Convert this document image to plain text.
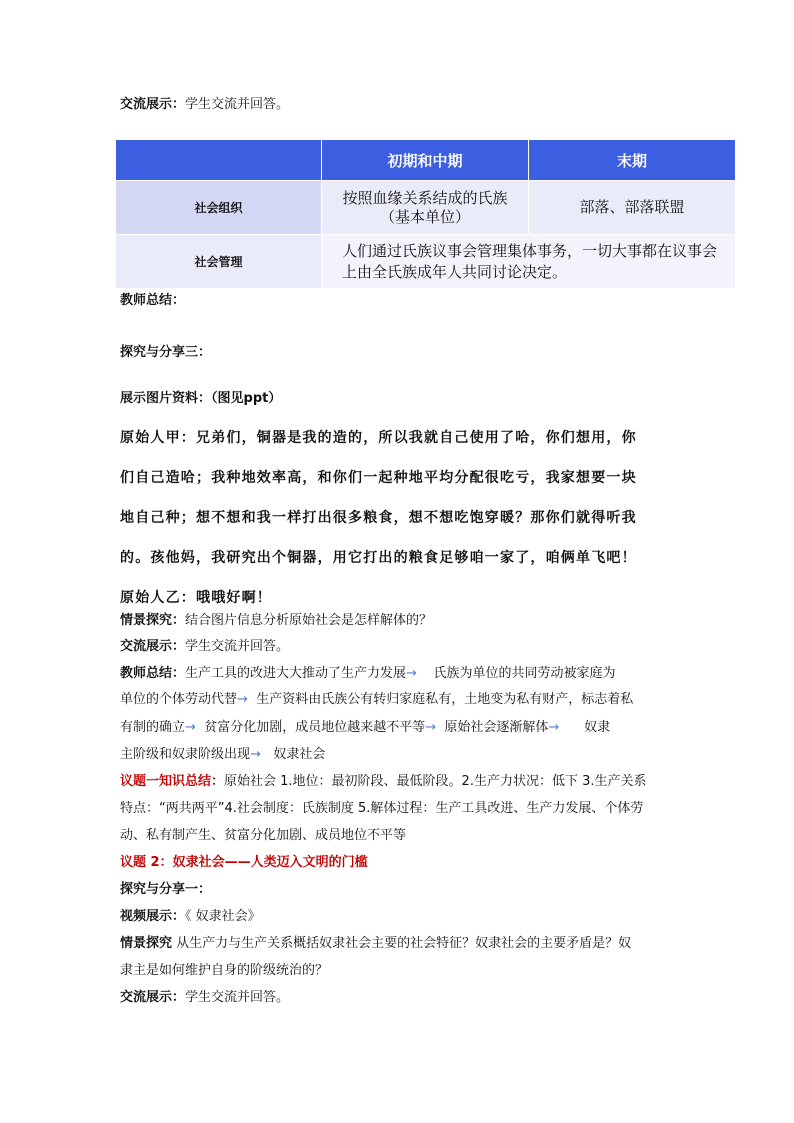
交流展示：学生交流并回答。
初期和中期	末期
社会组织
按照血缘关系结成的氏族（基本单位）
部落、部落联盟
社会管理
人们通过氏族议事会管理集体事务，一切大事都在议事会上由全氏族成年人共同讨论决定。
教师总结：
探究与分享三：
展示图片资料：（图见ppt）
原始人甲：兄弟们，铜器是我的造的，所以我就自己使用了哈，你们想用，你
们自己造哈；我种地效率高，和你们一起种地平均分配很吃亏，我家想要一块
地自己种；想不想和我一样打出很多粮食，想不想吃饱穿暖？那你们就得听我
的。孩他妈，我研究出个铜器，用它打出的粮食足够咱一家了，咱俩单飞吧！
原始人乙：哦哦好啊！
情景探究：结合图片信息分析原始社会是怎样解体的？
交流展示：学生交流并回答。
教师总结：生产工具的改进大大推动了生产力发展→ 氏族为单位的共同劳动被家庭为
单位的个体劳动代替→ 生产资料由氏族公有转归家庭私有，土地变为私有财产，标志着私
有制的确立→ 贫富分化加剧，成员地位越来越不平等→ 原始社会逐渐解体→ 奴隶
主阶级和奴隶阶级出现→ 奴隶社会
议题一知识总结：原始社会 1.地位：最初阶段、最低阶段。2.生产力状况：低下 3.生产关系
特点：“两共两平”4.社会制度：氏族制度 5.解体过程：生产工具改进、生产力发展、个体劳
动、私有制产生、贫富分化加剧、成员地位不平等
议题 2：奴隶社会——人类迈入文明的门槛
探究与分享一：
视频展示：《 奴隶社会》
情景探究 从生产力与生产关系概括奴隶社会主要的社会特征？奴隶社会的主要矛盾是？奴
隶主是如何维护自身的阶级统治的？
交流展示：学生交流并回答。
